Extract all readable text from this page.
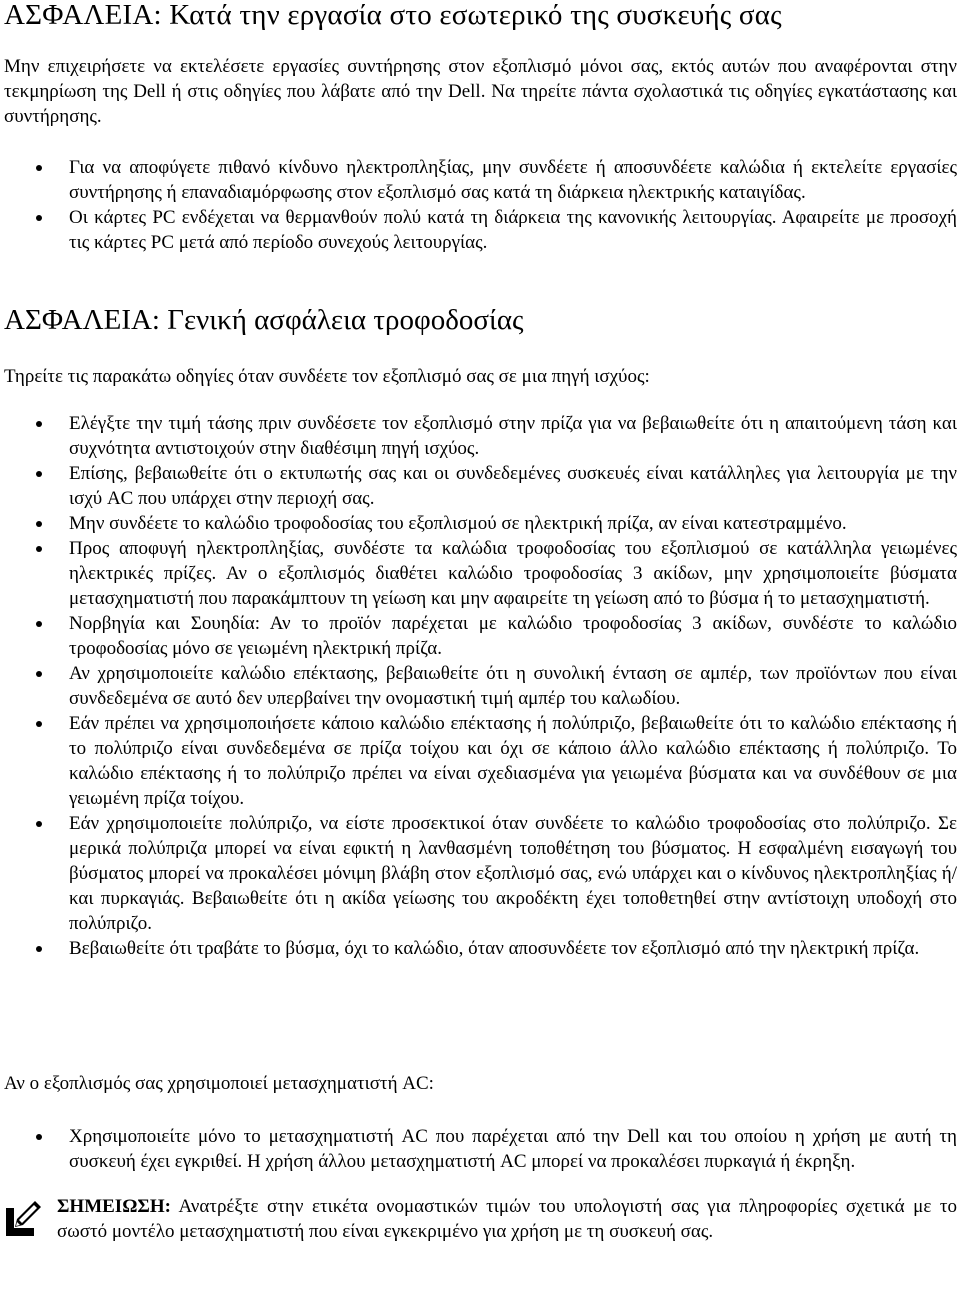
ΑΣΦΑΛΕΙΑ: Κατά την εργασία στο εσωτερικό της συσκευής σας

Μην επιχειρήσετε να εκτελέσετε εργασίες συντήρησης στον εξοπλισμό μόνοι σας, εκτός αυτών που αναφέρονται στην τεκμηρίωση της Dell ή στις οδηγίες που λάβατε από την Dell. Να τηρείτε πάντα σχολαστικά τις οδηγίες εγκατάστασης και συντήρησης.

Για να αποφύγετε πιθανό κίνδυνο ηλεκτροπληξίας, μην συνδέετε ή αποσυνδέετε καλώδια ή εκτελείτε εργασίες συντήρησης ή επαναδιαμόρφωσης στον εξοπλισμό σας κατά τη διάρκεια ηλεκτρικής καταιγίδας.
Οι κάρτες PC ενδέχεται να θερμανθούν πολύ κατά τη διάρκεια της κανονικής λειτουργίας. Αφαιρείτε με προσοχή τις κάρτες PC μετά από περίοδο συνεχούς λειτουργίας.
ΑΣΦΑΛΕΙΑ: Γενική ασφάλεια τροφοδοσίας

Τηρείτε τις παρακάτω οδηγίες όταν συνδέετε τον εξοπλισμό σας σε μια πηγή ισχύος:

Ελέγξτε την τιμή τάσης πριν συνδέσετε τον εξοπλισμό στην πρίζα για να βεβαιωθείτε ότι η απαιτούμενη τάση και συχνότητα αντιστοιχούν στην διαθέσιμη πηγή ισχύος.
Επίσης, βεβαιωθείτε ότι ο εκτυπωτής σας και οι συνδεδεμένες συσκευές είναι κατάλληλες για λειτουργία με την ισχύ AC που υπάρχει στην περιοχή σας.
Μην συνδέετε το καλώδιο τροφοδοσίας του εξοπλισμού σε ηλεκτρική πρίζα, αν είναι κατεστραμμένο.
Προς αποφυγή ηλεκτροπληξίας, συνδέστε τα καλώδια τροφοδοσίας του εξοπλισμού σε κατάλληλα γειωμένες ηλεκτρικές πρίζες. Αν ο εξοπλισμός διαθέτει καλώδιο τροφοδοσίας 3 ακίδων, μην χρησιμοποιείτε βύσματα μετασχηματιστή που παρακάμπτουν τη γείωση και μην αφαιρείτε τη γείωση από το βύσμα ή το μετασχηματιστή.
Νορβηγία και Σουηδία: Αν το προϊόν παρέχεται με καλώδιο τροφοδοσίας 3 ακίδων, συνδέστε το καλώδιο τροφοδοσίας μόνο σε γειωμένη ηλεκτρική πρίζα.
Αν χρησιμοποιείτε καλώδιο επέκτασης, βεβαιωθείτε ότι η συνολική ένταση σε αμπέρ, των προϊόντων που είναι συνδεδεμένα σε αυτό δεν υπερβαίνει την ονομαστική τιμή αμπέρ του καλωδίου.
Εάν πρέπει να χρησιμοποιήσετε κάποιο καλώδιο επέκτασης ή πολύπριζο, βεβαιωθείτε ότι το καλώδιο επέκτασης ή το πολύπριζο είναι συνδεδεμένα σε πρίζα τοίχου και όχι σε κάποιο άλλο καλώδιο επέκτασης ή πολύπριζο. Το καλώδιο επέκτασης ή το πολύπριζο πρέπει να είναι σχεδιασμένα για γειωμένα βύσματα και να συνδέθουν σε μια γειωμένη πρίζα τοίχου.
Εάν χρησιμοποιείτε πολύπριζο, να είστε προσεκτικοί όταν συνδέετε το καλώδιο τροφοδοσίας στο πολύπριζο. Σε μερικά πολύπριζα μπορεί να είναι εφικτή η λανθασμένη τοποθέτηση του βύσματος. Η εσφαλμένη εισαγωγή του βύσματος μπορεί να προκαλέσει μόνιμη βλάβη στον εξοπλισμό σας, ενώ υπάρχει και ο κίνδυνος ηλεκτροπληξίας ή/και πυρκαγιάς. Βεβαιωθείτε ότι η ακίδα γείωσης του ακροδέκτη έχει τοποθετηθεί στην αντίστοιχη υποδοχή στο πολύπριζο.
Βεβαιωθείτε ότι τραβάτε το βύσμα, όχι το καλώδιο, όταν αποσυνδέετε τον εξοπλισμό από την ηλεκτρική πρίζα.

Αν ο εξοπλισμός σας χρησιμοποιεί μετασχηματιστή AC:

Χρησιμοποιείτε μόνο το μετασχηματιστή AC που παρέχεται από την Dell και του οποίου η χρήση με αυτή τη συσκευή έχει εγκριθεί. Η χρήση άλλου μετασχηματιστή AC μπορεί να προκαλέσει πυρκαγιά ή έκρηξη.

ΣΗΜΕΙΩΣΗ: Ανατρέξτε στην ετικέτα ονομαστικών τιμών του υπολογιστή σας για πληροφορίες σχετικά με το σωστό μοντέλο μετασχηματιστή που είναι εγκεκριμένο για χρήση με τη συσκευή σας.
